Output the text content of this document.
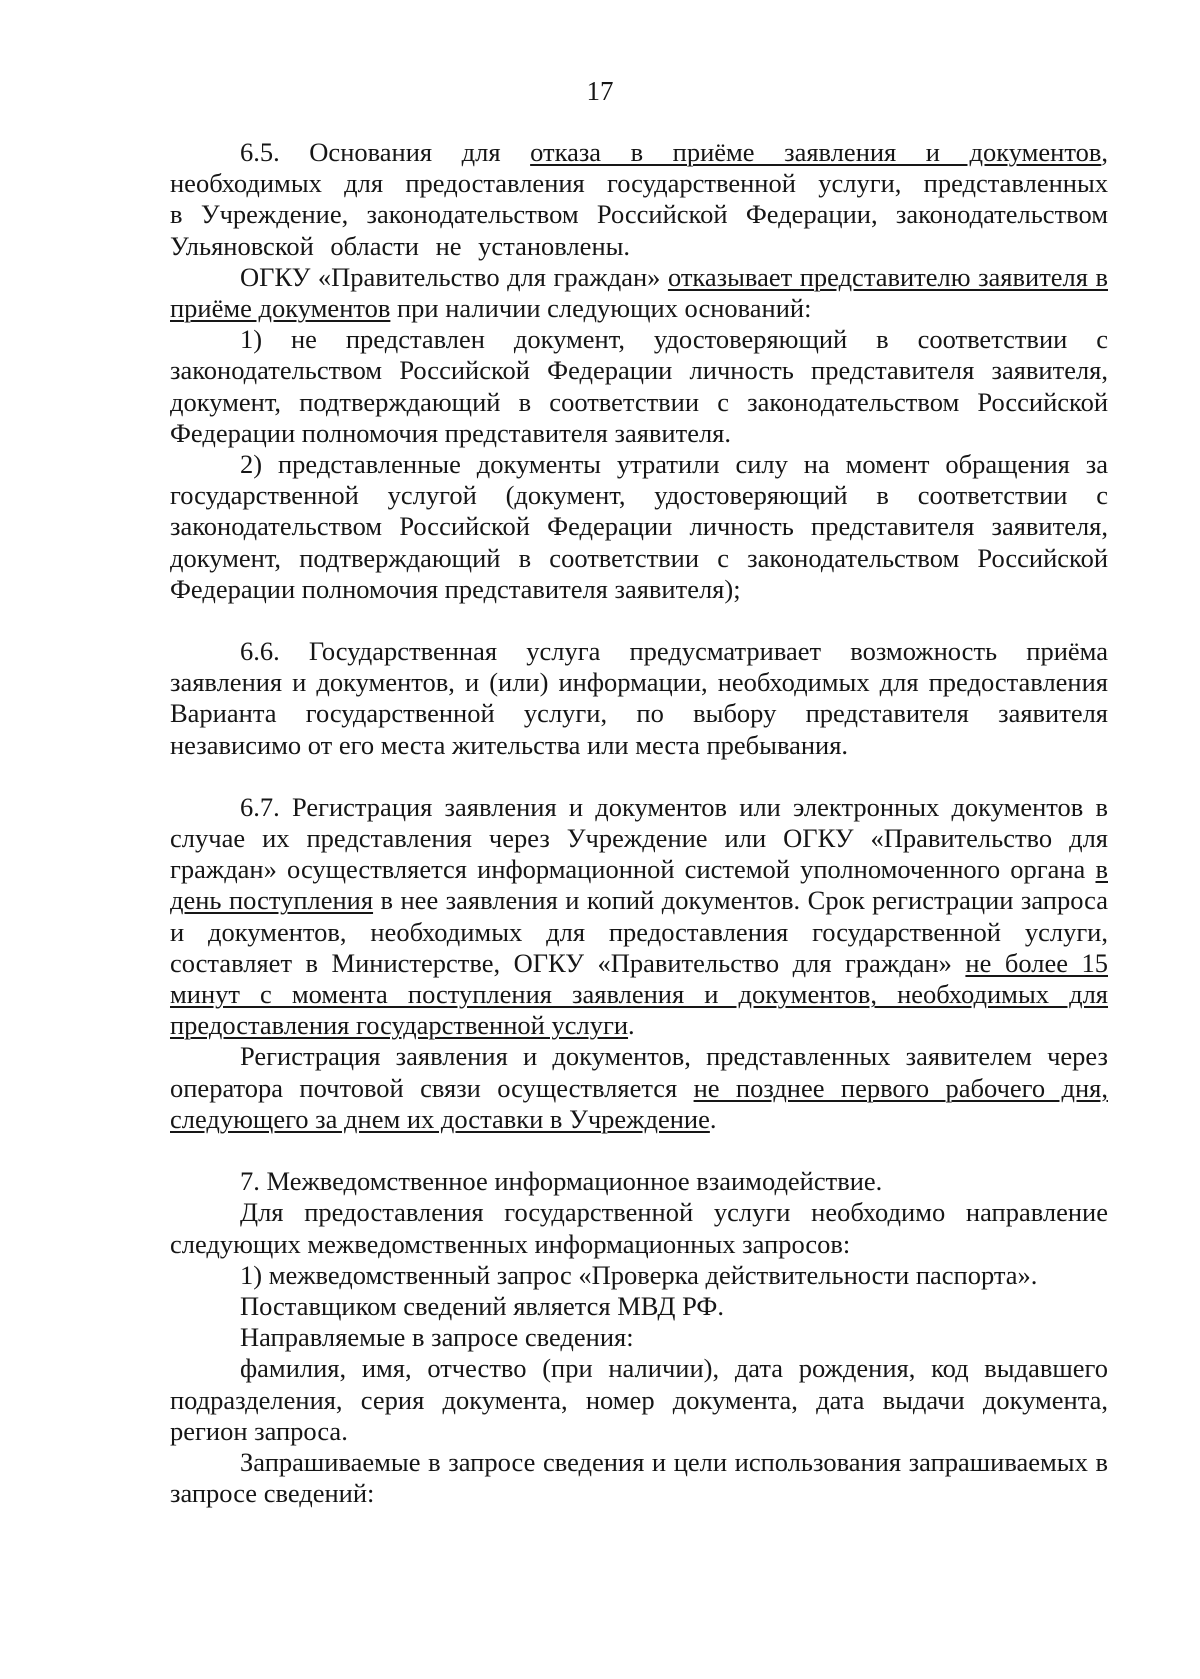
17

6.5. Основания для отказа в приёме заявления и документов, необходимых для предоставления государственной услуги, представленных в Учреждение, законодательством Российской Федерации, законодательством Ульяновской области не установлены.

ОГКУ «Правительство для граждан» отказывает представителю заявителя в приёме документов при наличии следующих оснований:

1) не представлен документ, удостоверяющий в соответствии с законодательством Российской Федерации личность представителя заявителя, документ, подтверждающий в соответствии с законодательством Российской Федерации полномочия представителя заявителя.

2) представленные документы утратили силу на момент обращения за государственной услугой (документ, удостоверяющий в соответствии с законодательством Российской Федерации личность представителя заявителя, документ, подтверждающий в соответствии с законодательством Российской Федерации полномочия представителя заявителя);

6.6. Государственная услуга предусматривает возможность приёма заявления и документов, и (или) информации, необходимых для предоставления Варианта государственной услуги, по выбору представителя заявителя независимо от его места жительства или места пребывания.

6.7. Регистрация заявления и документов или электронных документов в случае их представления через Учреждение или ОГКУ «Правительство для граждан» осуществляется информационной системой уполномоченного органа в день поступления в нее заявления и копий документов. Срок регистрации запроса и документов, необходимых для предоставления государственной услуги, составляет в Министерстве, ОГКУ «Правительство для граждан» не более 15 минут с момента поступления заявления и документов, необходимых для предоставления государственной услуги.

Регистрация заявления и документов, представленных заявителем через оператора почтовой связи осуществляется не позднее первого рабочего дня, следующего за днем их доставки в Учреждение.

7. Межведомственное информационное взаимодействие.

Для предоставления государственной услуги необходимо направление следующих межведомственных информационных запросов:

1) межведомственный запрос «Проверка действительности паспорта».

Поставщиком сведений является МВД РФ.

Направляемые в запросе сведения:

фамилия, имя, отчество (при наличии), дата рождения, код выдавшего подразделения, серия документа, номер документа, дата выдачи документа, регион запроса.

Запрашиваемые в запросе сведения и цели использования запрашиваемых в запросе сведений:
